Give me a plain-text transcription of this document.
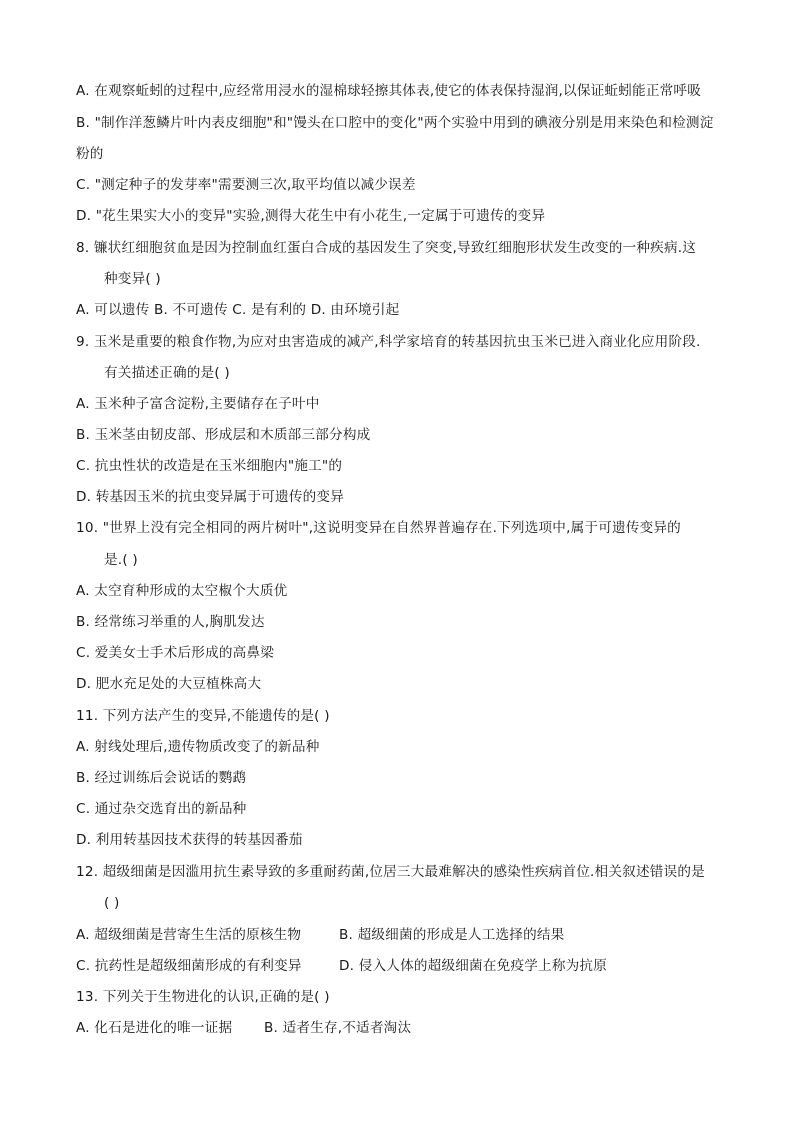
A. 在观察蚯蚓的过程中,应经常用浸水的湿棉球轻擦其体表,使它的体表保持湿润,以保证蚯蚓能正常呼吸
B. "制作洋葱鳞片叶内表皮细胞"和"馒头在口腔中的变化"两个实验中用到的碘液分别是用来染色和检测淀
粉的
C. "测定种子的发芽率"需要测三次,取平均值以减少误差
D. "花生果实大小的变异"实验,测得大花生中有小花生,一定属于可遗传的变异
8. 镰状红细胞贫血是因为控制血红蛋白合成的基因发生了突变,导致红细胞形状发生改变的一种疾病.这
种变异( )
A. 可以遗传 B. 不可遗传 C. 是有利的 D. 由环境引起
9. 玉米是重要的粮食作物,为应对虫害造成的减产,科学家培育的转基因抗虫玉米已进入商业化应用阶段.
有关描述正确的是( )
A. 玉米种子富含淀粉,主要储存在子叶中
B. 玉米茎由韧皮部、形成层和木质部三部分构成
C. 抗虫性状的改造是在玉米细胞内"施工"的
D. 转基因玉米的抗虫变异属于可遗传的变异
10. "世界上没有完全相同的两片树叶",这说明变异在自然界普遍存在.下列选项中,属于可遗传变异的
是.( )
A. 太空育种形成的太空椒个大质优
B. 经常练习举重的人,胸肌发达
C. 爱美女士手术后形成的高鼻梁
D. 肥水充足处的大豆植株高大
11. 下列方法产生的变异,不能遗传的是( )
A. 射线处理后,遗传物质改变了的新品种
B. 经过训练后会说话的鹦鹉
C. 通过杂交选育出的新品种
D. 利用转基因技术获得的转基因番茄
12. 超级细菌是因滥用抗生素导致的多重耐药菌,位居三大最难解决的感染性疾病首位.相关叙述错误的是
( )
A. 超级细菌是营寄生生活的原核生物	B. 超级细菌的形成是人工选择的结果
C. 抗药性是超级细菌形成的有利变异	D. 侵入人体的超级细菌在免疫学上称为抗原
13. 下列关于生物进化的认识,正确的是( )
A. 化石是进化的唯一证据 B. 适者生存,不适者淘汰
